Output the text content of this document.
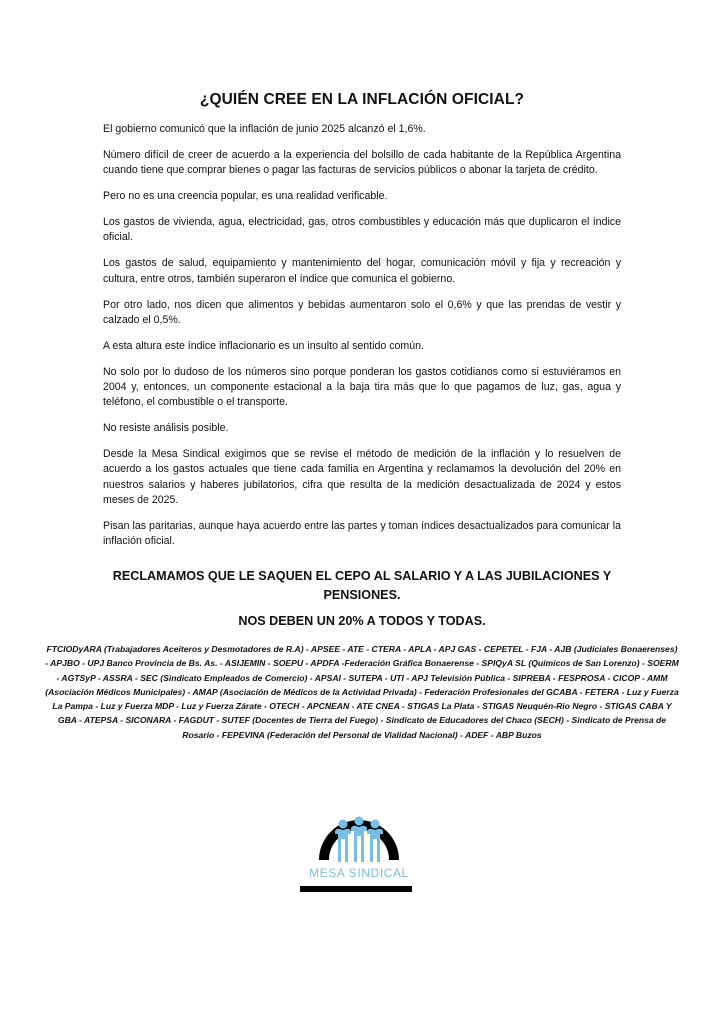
¿QUIÉN CREE EN LA INFLACIÓN OFICIAL?

El gobierno comunicó que la inflación de junio 2025 alcanzó el 1,6%.

Número difícil de creer de acuerdo a la experiencia del bolsillo de cada habitante de la República Argentina cuando tiene que comprar bienes o pagar las facturas de servicios públicos o abonar la tarjeta de crédito.

Pero no es una creencia popular, es una realidad verificable.

Los gastos de vivienda, agua, electricidad, gas, otros combustibles y educación más que duplicaron el índice oficial.

Los gastos de salud, equipamiento y mantenimiento del hogar, comunicación móvil y fija y recreación y cultura, entre otros, también superaron el índice que comunica el gobierno.

Por otro lado, nos dicen que alimentos y bebidas aumentaron solo el 0,6% y que las prendas de vestir y calzado el 0,5%.

A esta altura este índice inflacionario es un insulto al sentido común.

No solo por lo dudoso de los números sino porque ponderan los gastos cotidianos como si estuviéramos en 2004 y, entonces, un componente estacional a la baja tira más que lo que pagamos de luz, gas, agua y teléfono, el combustible o el transporte.

No resiste análisis posible.

Desde la Mesa Sindical exigimos que se revise el método de medición de la inflación y lo resuelven de acuerdo a los gastos actuales que tiene cada familia en Argentina y reclamamos la devolución del 20% en nuestros salarios y haberes jubilatorios, cifra que resulta de la medición desactualizada de 2024 y estos meses de 2025.

Pisan las paritarias, aunque haya acuerdo entre las partes y toman índices desactualizados para comunicar la inflación oficial.

RECLAMAMOS QUE LE SAQUEN EL CEPO AL SALARIO Y A LAS JUBILACIONES Y PENSIONES.
NOS DEBEN UN 20% A TODOS Y TODAS.
FTCIODyARA (Trabajadores Aceiteros y Desmotadores de R.A) - APSEE - ATE - CTERA - APLA - APJ GAS - CEPETEL - FJA - AJB (Judiciales Bonaerenses) - APJBO - UPJ Banco Provincia de Bs. As. - ASIJEMIN - SOEPU - APDFA -Federación Gráfica Bonaerense - SPIQyA SL (Químicos de San Lorenzo) - SOERM - AGTSyP - ASSRA - SEC (Sindicato Empleados de Comercio) - APSAI - SUTEPA - UTI - APJ Televisión Pública - SIPREBA - FESPROSA - CICOP - AMM (Asociación Médicos Municipales) - AMAP (Asociación de Médicos de la Actividad Privada) - Federación Profesionales del GCABA - FETERA - Luz y Fuerza La Pampa - Luz y Fuerza MDP - Luz y Fuerza Zárate - OTECH - APCNEAN - ATE CNEA - STIGAS La Plata - STIGAS Neuquén-Rio Negro - STIGAS CABA Y GBA - ATEPSA - SICONARA - FAGDUT - SUTEF (Docentes de Tierra del Fuego) - Sindicato de Educadores del Chaco (SECH) - Sindicato de Prensa de Rosario - FEPEVINA (Federación del Personal de Vialidad Nacional) - ADEF - ABP Buzos
MESA SINDICAL
